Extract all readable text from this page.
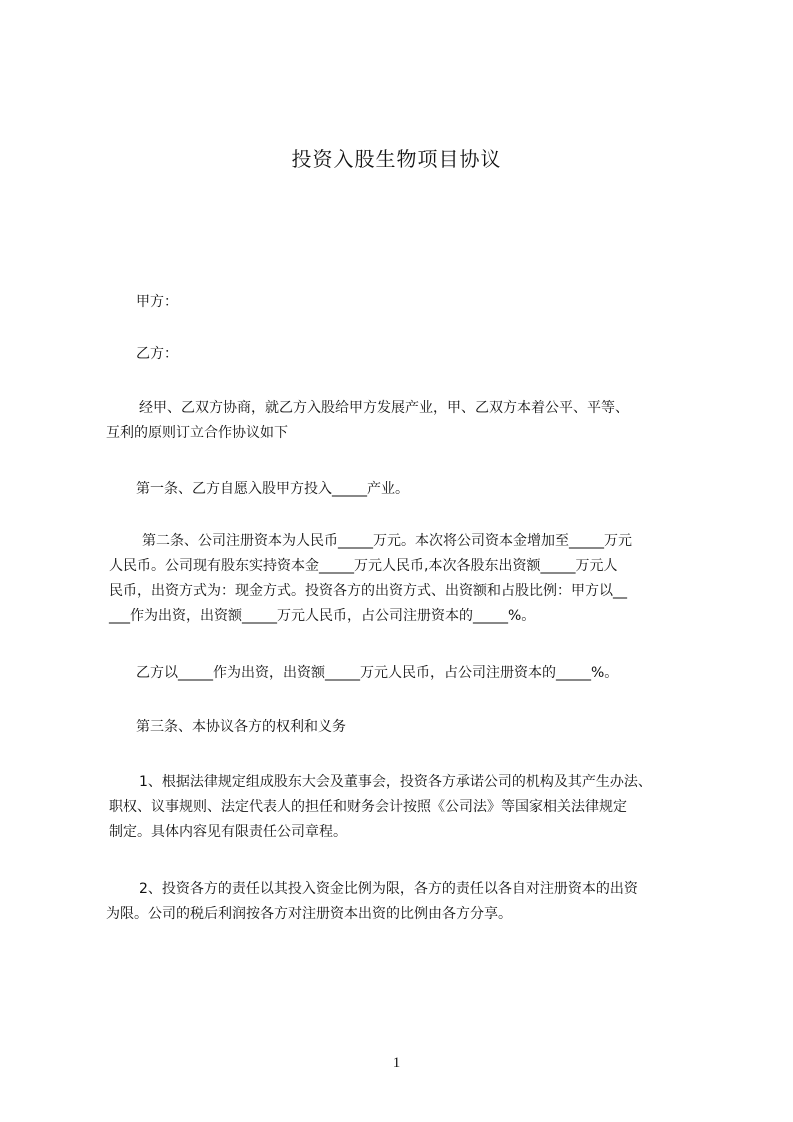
投资入股生物项目协议
甲方：
乙方：
经甲、乙双方协商，就乙方入股给甲方发展产业，甲、乙双方本着公平、平等、
互利的原则订立合作协议如下
第一条、乙方自愿入股甲方投入_____产业。
第二条、公司注册资本为人民币_____万元。本次将公司资本金增加至_____万元
人民币。公司现有股东实持资本金_____万元人民币,本次各股东出资额_____万元人
民币，出资方式为：现金方式。投资各方的出资方式、出资额和占股比例：甲方以__
___作为出资，出资额_____万元人民币，占公司注册资本的_____%。
乙方以_____作为出资，出资额_____万元人民币，占公司注册资本的_____%。
第三条、本协议各方的权利和义务
1、根据法律规定组成股东大会及董事会，投资各方承诺公司的机构及其产生办法、
职权、议事规则、法定代表人的担任和财务会计按照《公司法》等国家相关法律规定
制定。具体内容见有限责任公司章程。
2、投资各方的责任以其投入资金比例为限，各方的责任以各自对注册资本的出资
为限。公司的税后利润按各方对注册资本出资的比例由各方分享。
1
